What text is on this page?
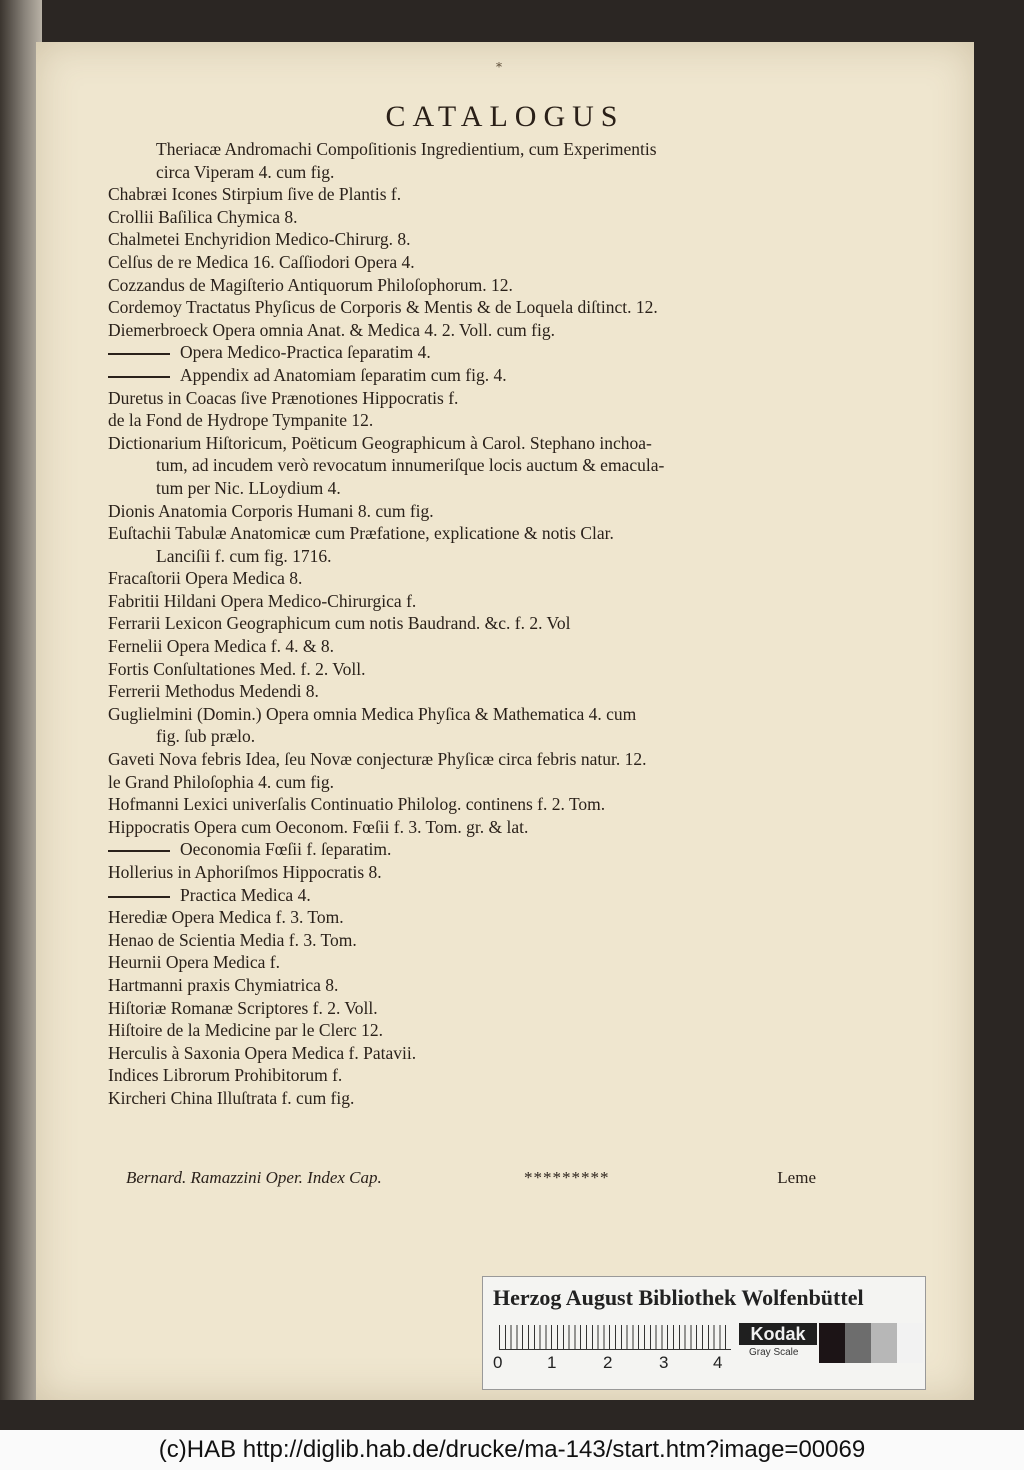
*
CATALOGUS
Theriacæ Andromachi Compoſitionis Ingredientium, cum Experimentis
circa Viperam 4. cum fig.
Chabræi Icones Stirpium ſive de Plantis f.
Crollii Baſilica Chymica 8.
Chalmetei Enchyridion Medico-Chirurg. 8.
Celſus de re Medica 16. Caſſiodori Opera 4.
Cozzandus de Magiſterio Antiquorum Philoſophorum. 12.
Cordemoy Tractatus Phyſicus de Corporis & Mentis & de Loquela diſtinct. 12.
Diemerbroeck Opera omnia Anat. & Medica 4. 2. Voll. cum fig.
Opera Medico-Practica ſeparatim 4.
Appendix ad Anatomiam ſeparatim cum fig. 4.
Duretus in Coacas ſive Prænotiones Hippocratis f.
de la Fond de Hydrope Tympanite 12.
Dictionarium Hiſtoricum, Poëticum Geographicum à Carol. Stephano inchoa-
tum, ad incudem verò revocatum innumeriſque locis auctum & emacula-
tum per Nic. LLoydium 4.
Dionis Anatomia Corporis Humani 8. cum fig.
Euſtachii Tabulæ Anatomicæ cum Præfatione, explicatione & notis Clar.
Lanciſii f. cum fig. 1716.
Fracaſtorii Opera Medica 8.
Fabritii Hildani Opera Medico-Chirurgica f.
Ferrarii Lexicon Geographicum cum notis Baudrand. &c. f. 2. Vol
Fernelii Opera Medica f. 4. & 8.
Fortis Conſultationes Med. f. 2. Voll.
Ferrerii Methodus Medendi 8.
Guglielmini (Domin.) Opera omnia Medica Phyſica & Mathematica 4. cum
fig. ſub prælo.
Gaveti Nova febris Idea, ſeu Novæ conjecturæ Phyſicæ circa febris natur. 12.
le Grand Philoſophia 4. cum fig.
Hofmanni Lexici univerſalis Continuatio Philolog. continens f. 2. Tom.
Hippocratis Opera cum Oeconom. Fœſii f. 3. Tom. gr. & lat.
Oeconomia Fœſii f. ſeparatim.
Hollerius in Aphoriſmos Hippocratis 8.
Practica Medica 4.
Herediæ Opera Medica f. 3. Tom.
Henao de Scientia Media f. 3. Tom.
Heurnii Opera Medica f.
Hartmanni praxis Chymiatrica 8.
Hiſtoriæ Romanæ Scriptores f. 2. Voll.
Hiſtoire de la Medicine par le Clerc 12.
Herculis à Saxonia Opera Medica f. Patavii.
Indices Librorum Prohibitorum f.
Kircheri China Illuſtrata f. cum fig.
Bernard. Ramazzini Oper. Index Cap.	*********	Leme
Herzog August Bibliothek Wolfenbüttel
0	1	2	3	4
Kodak
Gray Scale
(c)HAB http://diglib.hab.de/drucke/ma-143/start.htm?image=00069
